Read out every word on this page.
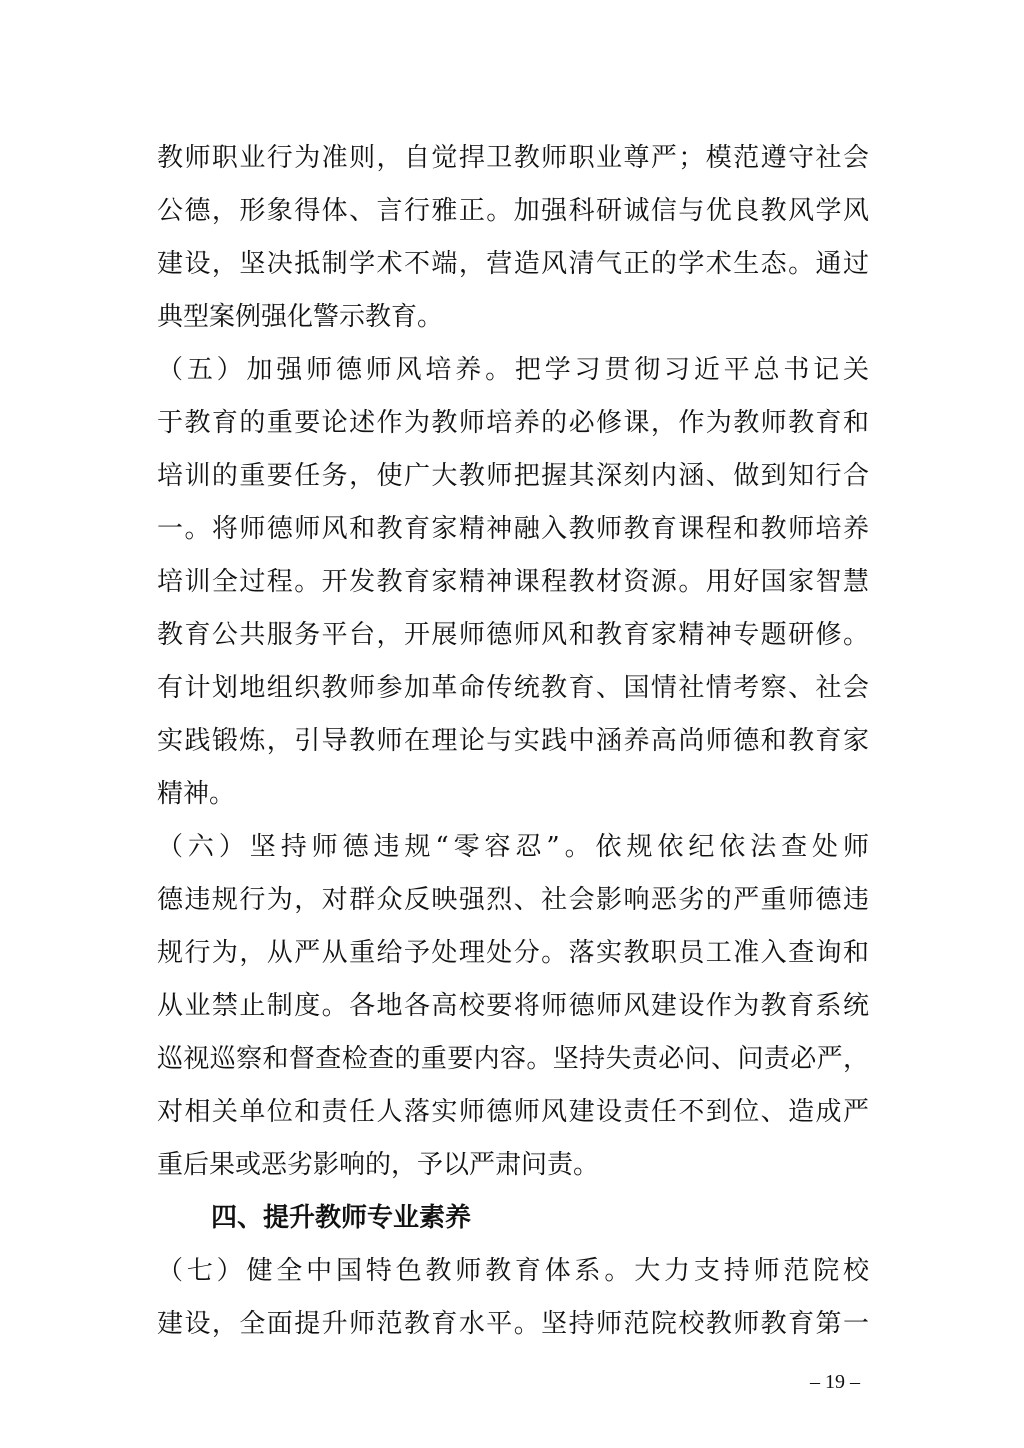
教师职业行为准则，自觉捍卫教师职业尊严；模范遵守社会
公德，形象得体、言行雅正。加强科研诚信与优良教风学风
建设，坚决抵制学术不端，营造风清气正的学术生态。通过
典型案例强化警示教育。
（五）加强师德师风培养。把学习贯彻习近平总书记关
于教育的重要论述作为教师培养的必修课，作为教师教育和
培训的重要任务，使广大教师把握其深刻内涵、做到知行合
一。将师德师风和教育家精神融入教师教育课程和教师培养
培训全过程。开发教育家精神课程教材资源。用好国家智慧
教育公共服务平台，开展师德师风和教育家精神专题研修。
有计划地组织教师参加革命传统教育、国情社情考察、社会
实践锻炼，引导教师在理论与实践中涵养高尚师德和教育家
精神。
（六）坚持师德违规“零容忍”。依规依纪依法查处师
德违规行为，对群众反映强烈、社会影响恶劣的严重师德违
规行为，从严从重给予处理处分。落实教职员工准入查询和
从业禁止制度。各地各高校要将师德师风建设作为教育系统
巡视巡察和督查检查的重要内容。坚持失责必问、问责必严，
对相关单位和责任人落实师德师风建设责任不到位、造成严
重后果或恶劣影响的，予以严肃问责。
四、提升教师专业素养
（七）健全中国特色教师教育体系。大力支持师范院校
建设，全面提升师范教育水平。坚持师范院校教师教育第一
– 19 –
